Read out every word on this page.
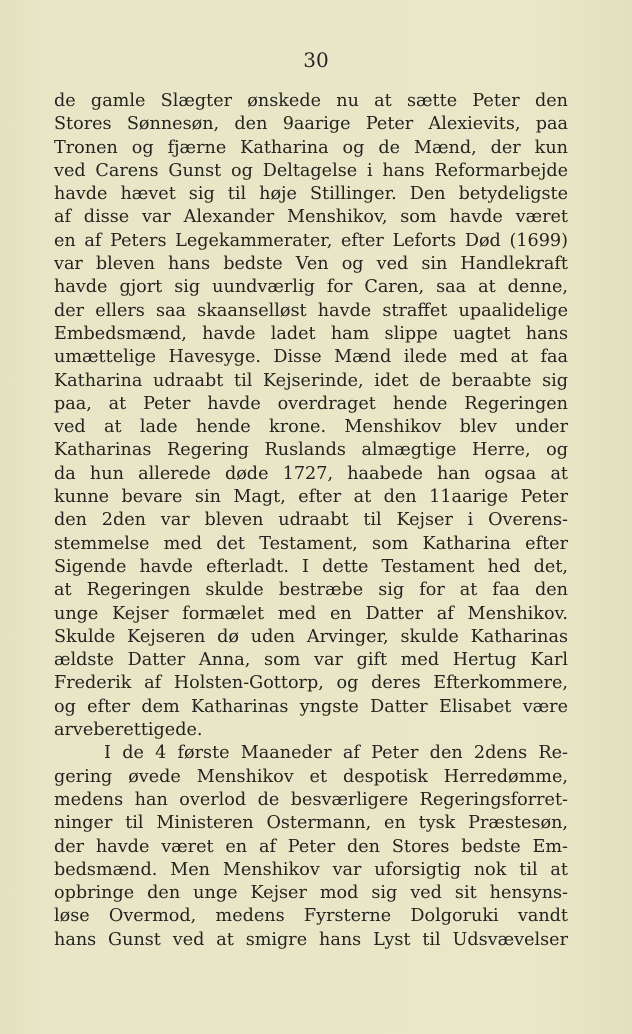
30
de gamle Slægter ønskede nu at sætte Peter den
Stores Sønnesøn, den 9aarige Peter Alexievits, paa
Tronen og fjærne Katharina og de Mænd, der kun
ved Carens Gunst og Deltagelse i hans Reformarbejde
havde hævet sig til høje Stillinger. Den betydeligste
af disse var Alexander Menshikov, som havde været
en af Peters Legekammerater, efter Leforts Død (1699)
var bleven hans bedste Ven og ved sin Handlekraft
havde gjort sig uundværlig for Caren, saa at denne,
der ellers saa skaanselløst havde straffet upaalidelige
Embedsmænd, havde ladet ham slippe uagtet hans
umættelige Havesyge. Disse Mænd ilede med at faa
Katharina udraabt til Kejserinde, idet de beraabte sig
paa, at Peter havde overdraget hende Regeringen
ved at lade hende krone. Menshikov blev under
Katharinas Regering Ruslands almægtige Herre, og
da hun allerede døde 1727, haabede han ogsaa at
kunne bevare sin Magt, efter at den 11aarige Peter
den 2den var bleven udraabt til Kejser i Overens-
stemmelse med det Testament, som Katharina efter
Sigende havde efterladt. I dette Testament hed det,
at Regeringen skulde bestræbe sig for at faa den
unge Kejser formælet med en Datter af Menshikov.
Skulde Kejseren dø uden Arvinger, skulde Katharinas
ældste Datter Anna, som var gift med Hertug Karl
Frederik af Holsten-Gottorp, og deres Efterkommere,
og efter dem Katharinas yngste Datter Elisabet være
arveberettigede.
I de 4 første Maaneder af Peter den 2dens Re-
gering øvede Menshikov et despotisk Herredømme,
medens han overlod de besværligere Regeringsforret-
ninger til Ministeren Ostermann, en tysk Præstesøn,
der havde været en af Peter den Stores bedste Em-
bedsmænd. Men Menshikov var uforsigtig nok til at
opbringe den unge Kejser mod sig ved sit hensyns-
løse Overmod, medens Fyrsterne Dolgoruki vandt
hans Gunst ved at smigre hans Lyst til Udsvævelser
